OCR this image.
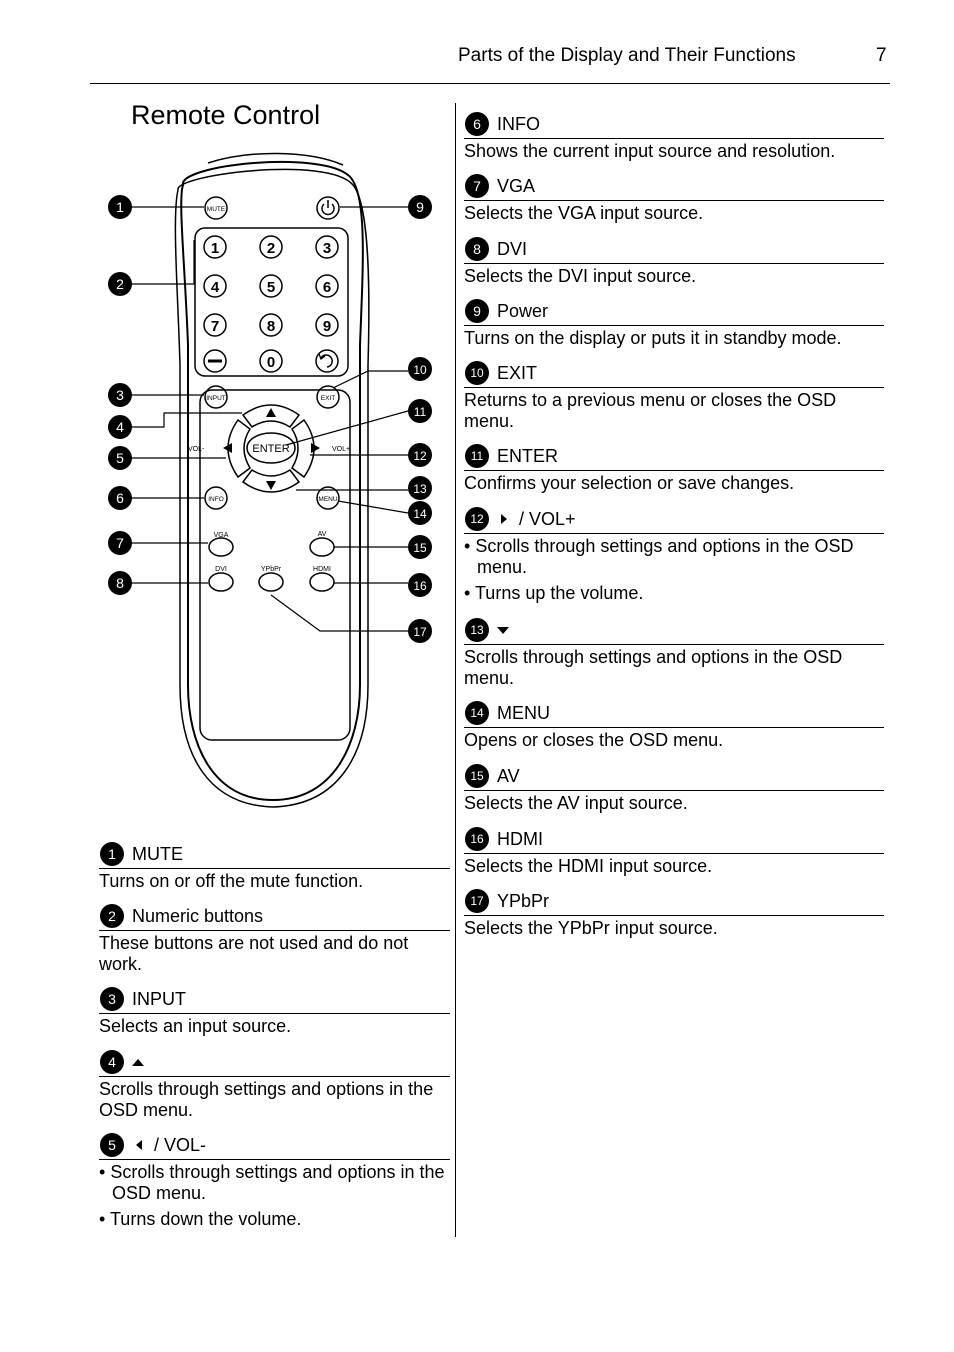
Parts of the Display and Their Functions	7
Remote Control
MUTE
1	2	3
4	5	6
7	8	9
0
INPUT	EXIT
ENTER
VOL-	VOL+
INFO	MENU
VGA	AV
DVI	YPbPr	HDMI
1
2
3
4
5
6
7
8
9
10
11
12
13
14
15
16
17
1 MUTE
Turns on or off the mute function.
2 Numeric buttons
These buttons are not used and do not work.
3 INPUT
Selects an input source.
4
Scrolls through settings and options in the OSD menu.
5	/ VOL-
• Scrolls through settings and options in the OSD menu.
• Turns down the volume.
6 INFO
Shows the current input source and resolution.
7 VGA
Selects the VGA input source.
8 DVI
Selects the DVI input source.
9 Power
Turns on the display or puts it in standby mode.
10 EXIT
Returns to a previous menu or closes the OSD menu.
11 ENTER
Confirms your selection or save changes.
12 / VOL+
• Scrolls through settings and options in the OSD menu.
• Turns up the volume.
13
Scrolls through settings and options in the OSD menu.
14 MENU
Opens or closes the OSD menu.
15 AV
Selects the AV input source.
16 HDMI
Selects the HDMI input source.
17 YPbPr
Selects the YPbPr input source.
